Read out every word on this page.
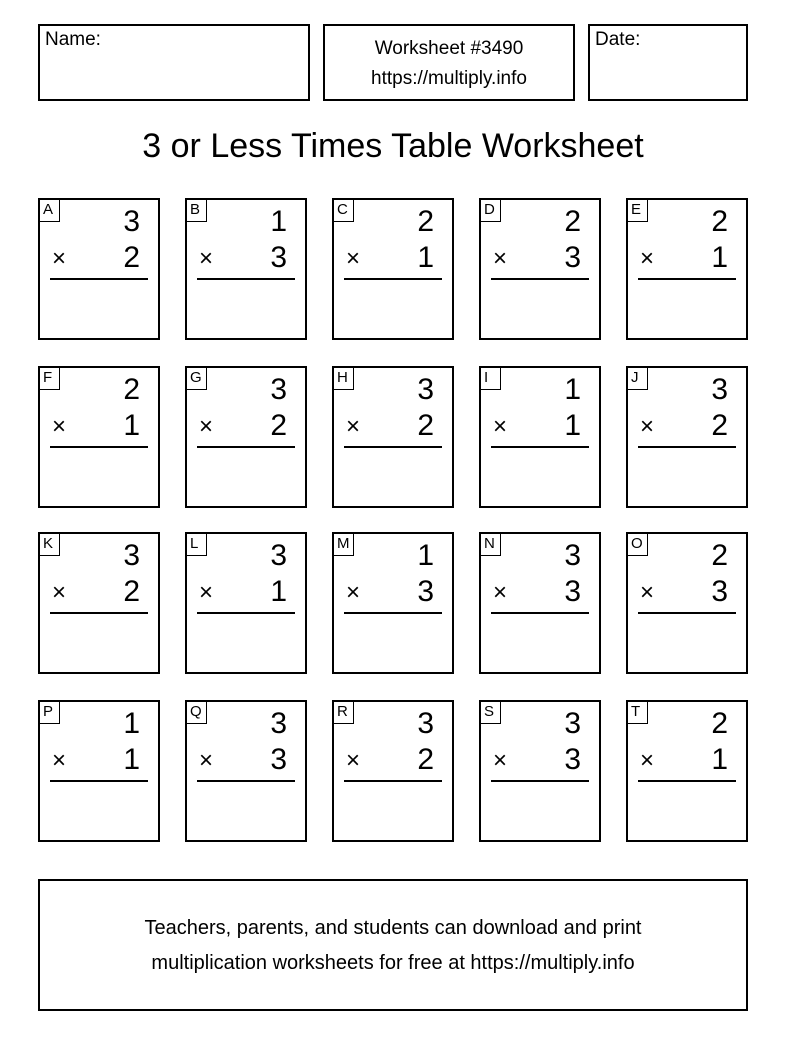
Name:	Worksheet #3490
https://multiply.info
Date:
3 or Less Times Table Worksheet
A 3
× 2
B 1
× 3
C 2
× 1
D 2
× 3
E 2
× 1
F 2
× 1
G 3
× 2
H 3
× 2
I	1
× 1
J	3
× 2
K 3
× 2
L 3
× 1
M 1
× 3
N 3
× 3
O 2
× 3
P 1
× 1
Q 3
× 3
R 3
× 2
S 3
× 3
T 2
× 1
Teachers, parents, and students can download and print
multiplication worksheets for free at https://multiply.info
